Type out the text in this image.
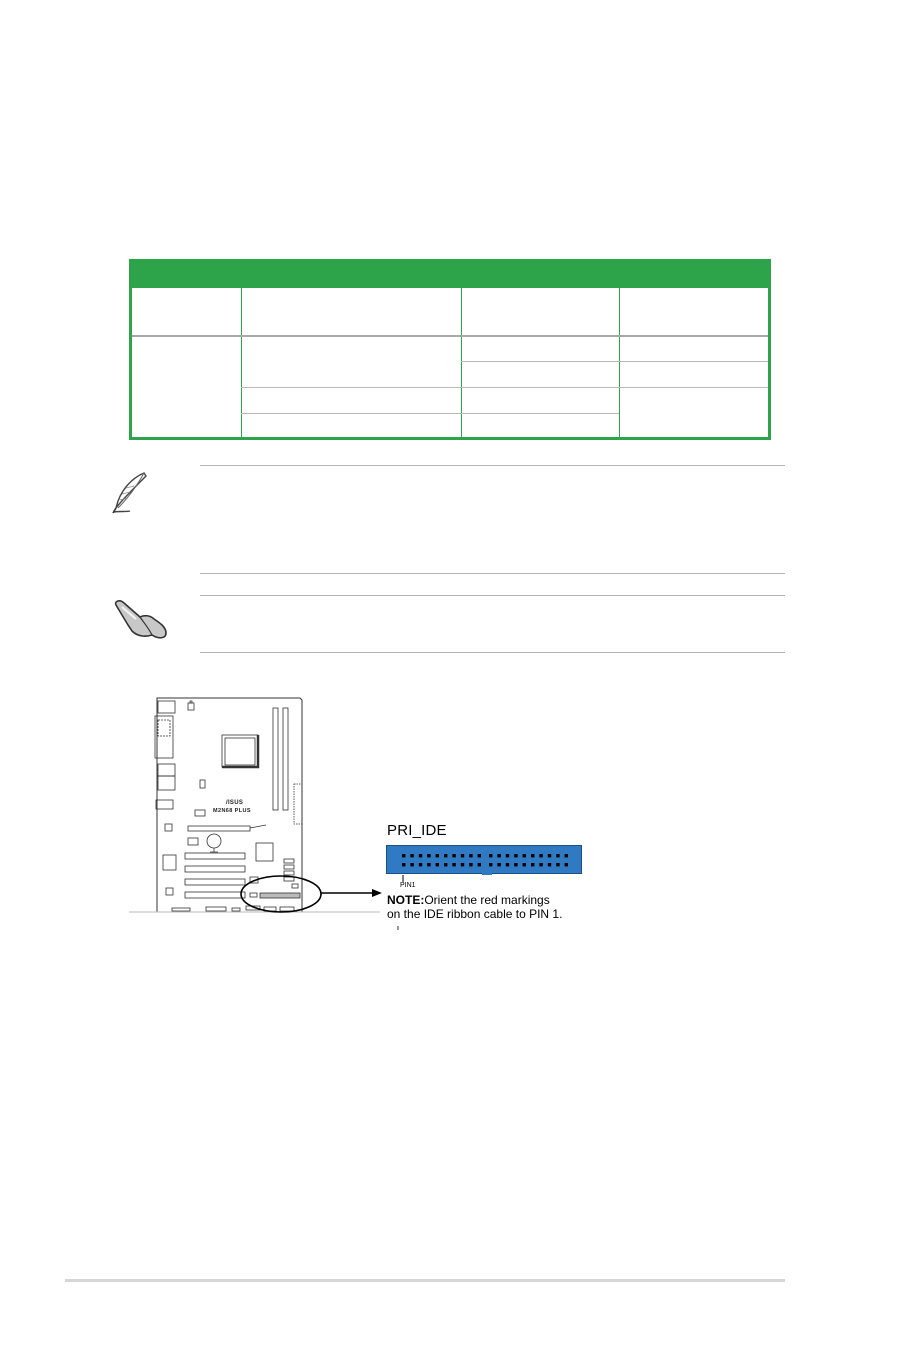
/ISUS
M2N68 PLUS
PRI_IDE
PIN1
NOTE:Orient the red markings
on the IDE ribbon cable to PIN 1.
